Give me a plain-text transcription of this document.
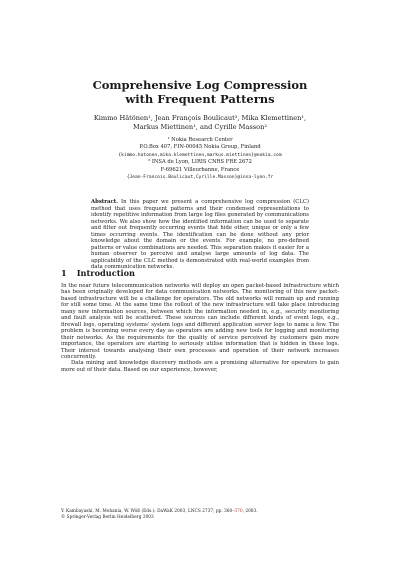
Comprehensive Log Compression
with Frequent Patterns
Kimmo Hätönen¹, Jean François Boulicaut², Mika Klemettinen¹,
Markus Miettinen¹, and Cyrille Masson²
¹ Nokia Research Center
P.O.Box 407, FIN-00045 Nokia Group, Finland
{kimmo.hatonen,mika.klemettinen,markus.miettinen}@nokia.com
² INSA de Lyon, LIRIS CNRS FRE 2672
F-69621 Villeurbanne, France
{Jean-Francois.Boulicaut,Cyrille.Masson}@insa-lyon.fr
Abstract. In this paper we present a comprehensive log compression (CLC) method that uses frequent patterns and their condensed representations to identify repetitive information from large log files generated by communications networks. We also show how the identified information can be used to separate and filter out frequently occurring events that hide other, unique or only a few times occurring events. The identification can be done without any prior knowledge about the domain or the events. For example, no pre-defined patterns or value combinations are needed. This separation makes it easier for a human observer to perceive and analyse large amounts of log data. The applicability of the CLC method is demonstrated with real-world examples from data communication networks.
1 Introduction

In the near future telecommunication networks will deploy an open packet-based infrastructure which has been originally developed for data communication networks. The monitoring of this new packet-based infrastructure will be a challenge for operators. The old networks will remain up and running for still some time. At the same time the rollout of the new infrastructure will take place introducing many new information sources, between which the information needed in, e.g., security monitoring and fault analysis will be scattered. These sources can include different kinds of event logs, e.g., firewall logs, operating systems' system logs and different application server logs to name a few. The problem is becoming worse every day as operators are adding new tools for logging and monitoring their networks. As the requirements for the quality of service perceived by customers gain more importance, the operators are starting to seriously utilise information that is hidden in these logs. Their interest towards analysing their own processes and operation of their network increases concurrently.

Data mining and knowledge discovery methods are a promising alternative for operators to gain more out of their data. Based on our experience, however,

Y. Kambayashi, M. Mohania, W. Wöß (Eds.): DaWaK 2003, LNCS 2737, pp. 360–370, 2003.
© Springer-Verlag Berlin Heidelberg 2003
